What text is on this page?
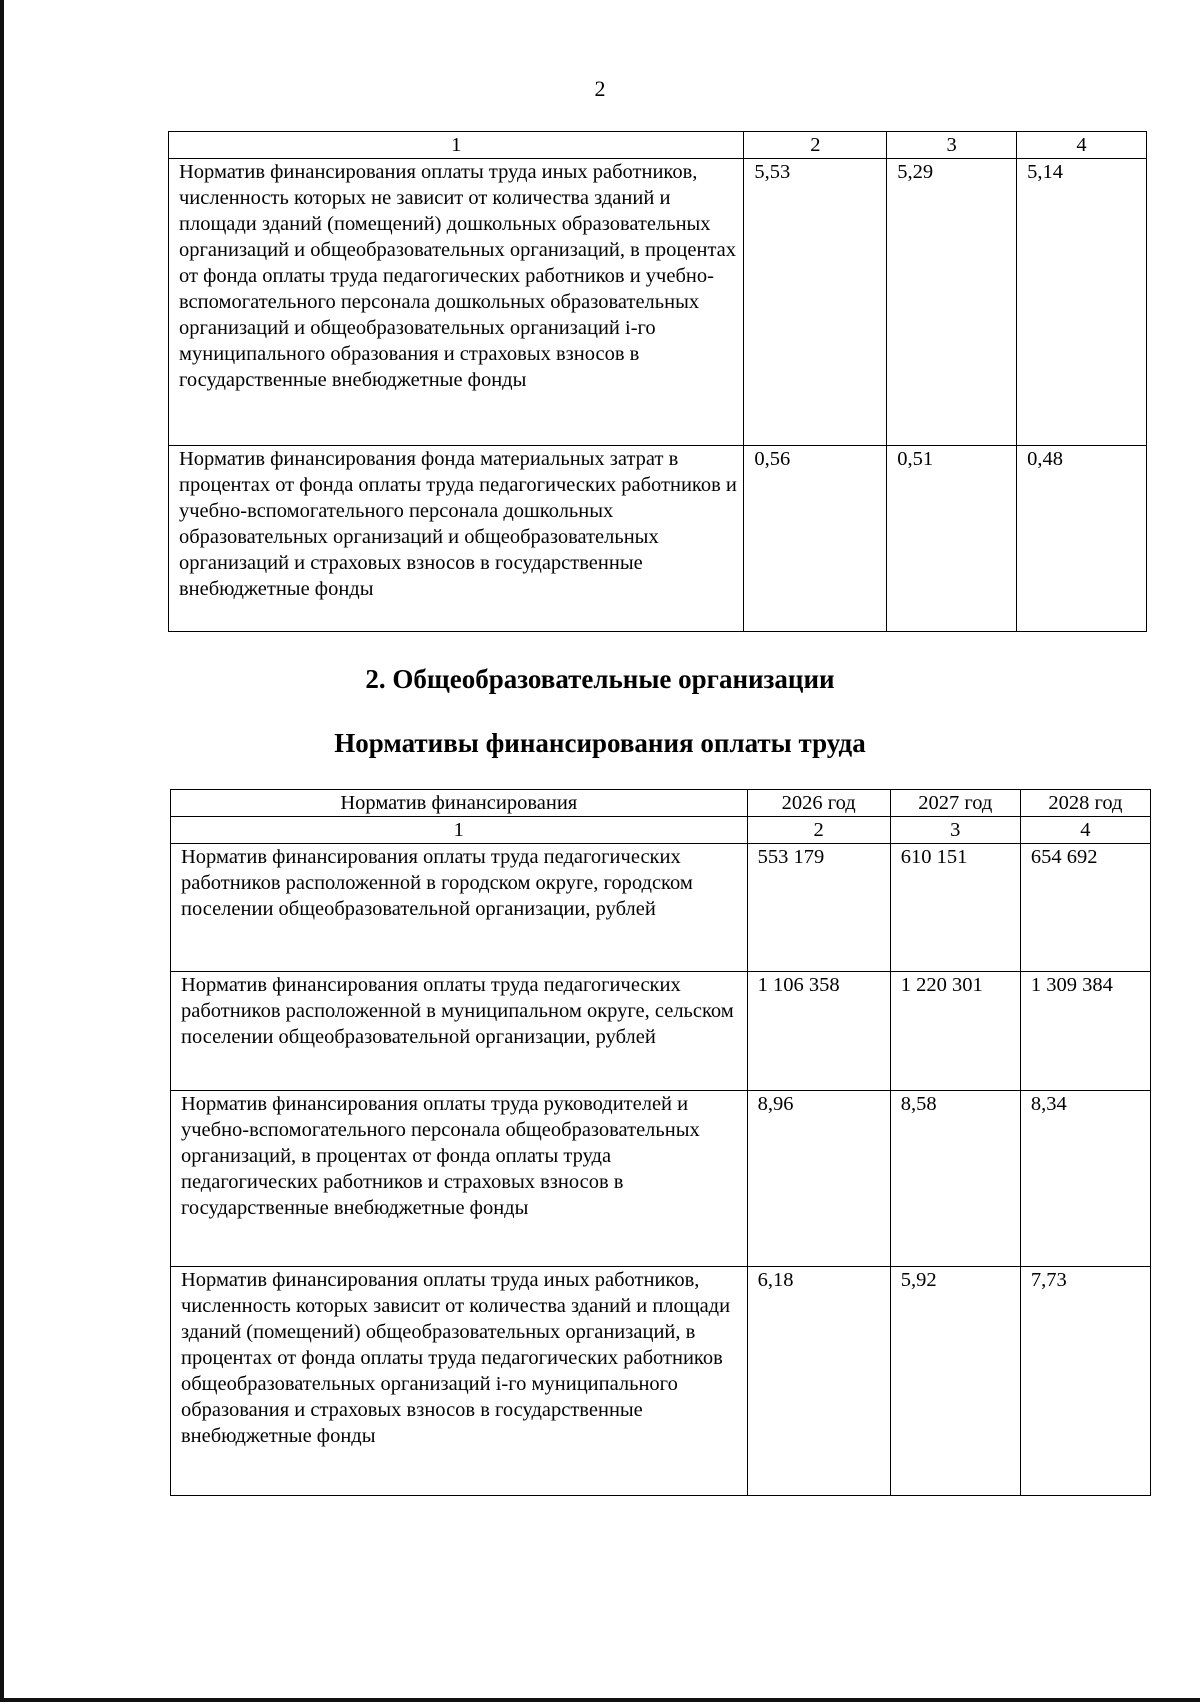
2
1	2	3	4
Норматив финансирования оплаты труда иных работников, численность которых не зависит от количества зданий и площади зданий (помещений) дошкольных образовательных организаций и общеобразовательных организаций, в процентах от фонда оплаты труда педагогических работников и учебно-вспомогательного персонала дошкольных образовательных организаций и общеобразовательных организаций i-го муниципального образования и страховых взносов в государственные внебюджетные фонды	5,53	5,29	5,14
Норматив финансирования фонда материальных затрат в процентах от фонда оплаты труда педагогических работников и учебно-вспомогательного персонала дошкольных образовательных организаций и общеобразовательных организаций и страховых взносов в государственные внебюджетные фонды	0,56	0,51	0,48
2. Общеобразовательные организации
Нормативы финансирования оплаты труда
Норматив финансирования	2026 год	2027 год	2028 год
1	2	3	4
Норматив финансирования оплаты труда педагогических работников расположенной в городском округе, городском поселении общеобразовательной организации, рублей	553 179	610 151	654 692
Норматив финансирования оплаты труда педагогических работников расположенной в муниципальном округе, сельском поселении общеобразовательной организации, рублей	1 106 358	1 220 301	1 309 384
Норматив финансирования оплаты труда руководителей и учебно-вспомогательного персонала общеобразовательных организаций, в процентах от фонда оплаты труда педагогических работников и страховых взносов в государственные внебюджетные фонды	8,96	8,58	8,34
Норматив финансирования оплаты труда иных работников, численность которых зависит от количества зданий и площади зданий (помещений) общеобразовательных организаций, в процентах от фонда оплаты труда педагогических работников общеобразовательных организаций i-го муниципального образования и страховых взносов в государственные внебюджетные фонды	6,18	5,92	7,73
